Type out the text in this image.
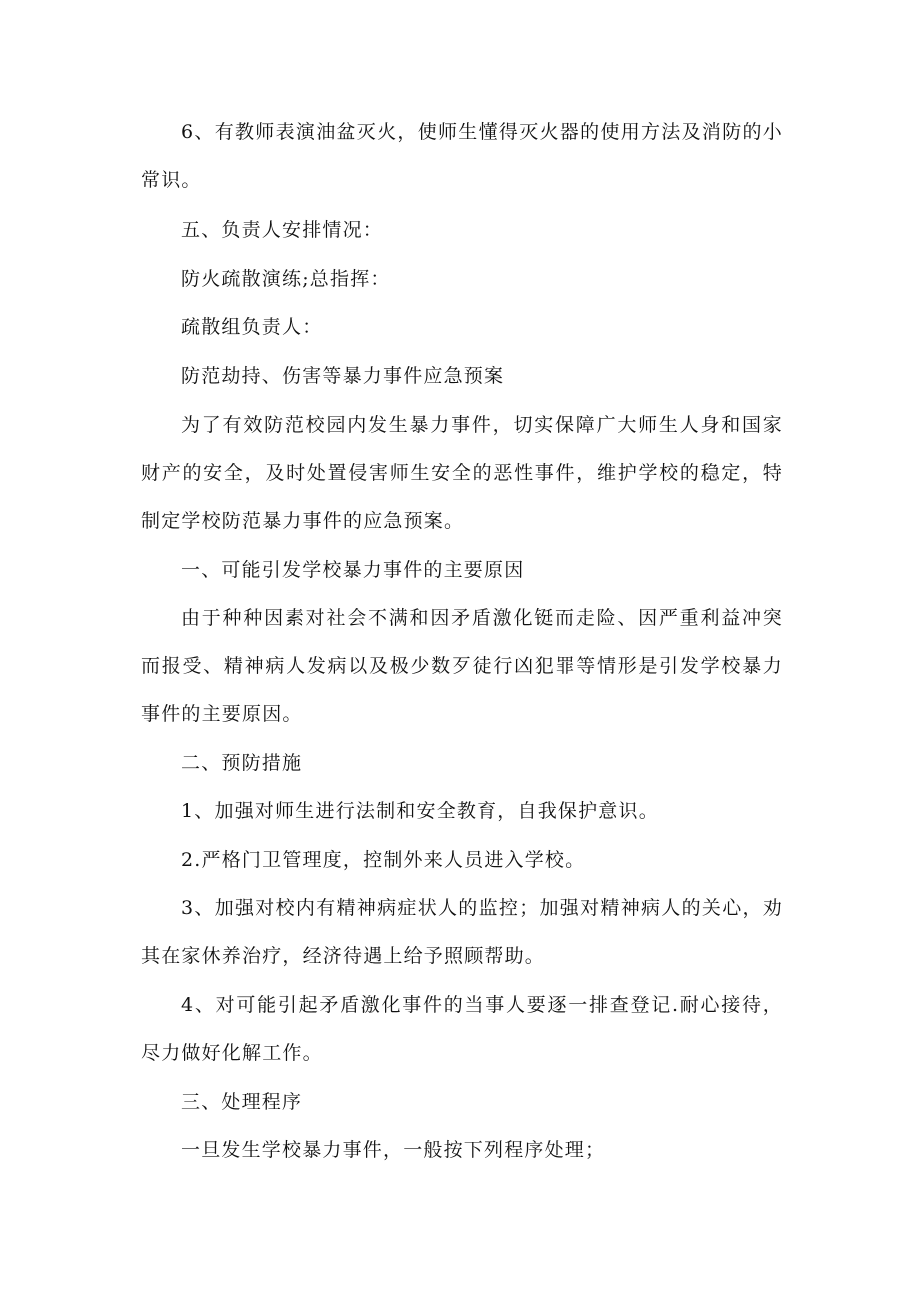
6、有教师表演油盆灭火，使师生懂得灭火器的使用方法及消防的小常识。

五、负责人安排情况：

防火疏散演练;总指挥：

疏散组负责人：

防范劫持、伤害等暴力事件应急预案

为了有效防范校园内发生暴力事件，切实保障广大师生人身和国家财产的安全，及时处置侵害师生安全的恶性事件，维护学校的稳定，特制定学校防范暴力事件的应急预案。

一、可能引发学校暴力事件的主要原因

由于种种因素对社会不满和因矛盾激化铤而走险、因严重利益冲突而报受、精神病人发病以及极少数歹徒行凶犯罪等情形是引发学校暴力事件的主要原因。

二、预防措施

1、加强对师生进行法制和安全教育，自我保护意识。

2.严格门卫管理度，控制外来人员进入学校。

3、加强对校内有精神病症状人的监控；加强对精神病人的关心，劝其在家休养治疗，经济待遇上给予照顾帮助。

4、对可能引起矛盾激化事件的当事人要逐一排查登记.耐心接待，尽力做好化解工作。

三、处理程序

一旦发生学校暴力事件，一般按下列程序处理；
